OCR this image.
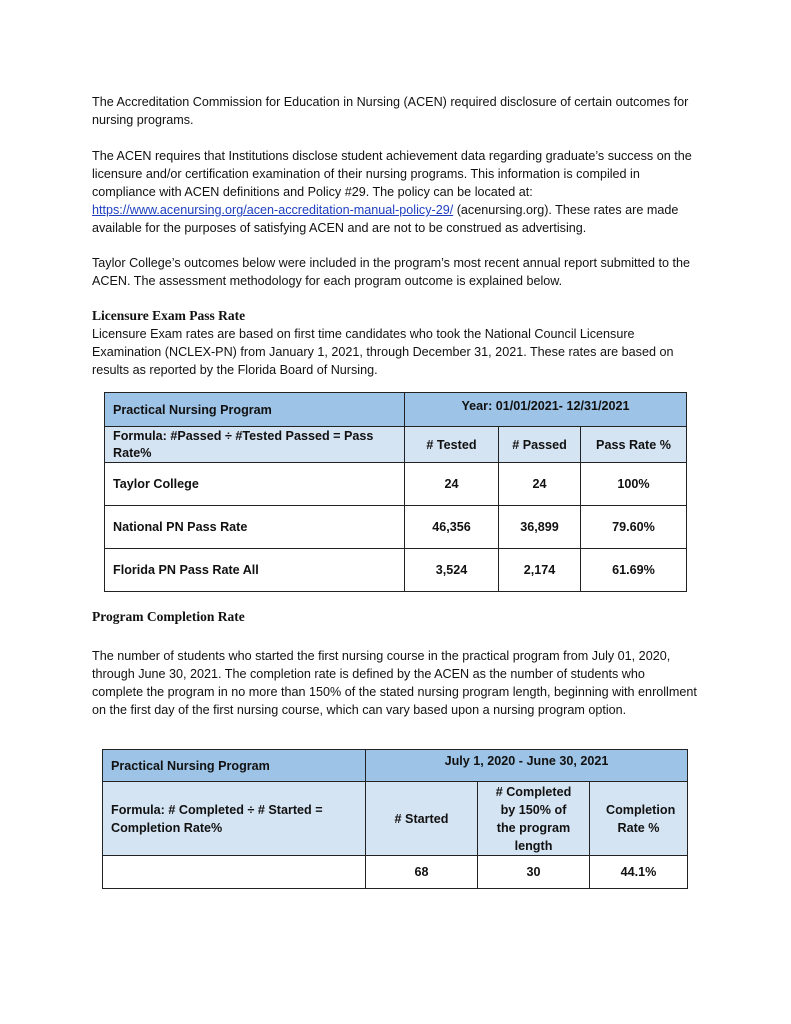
The Accreditation Commission for Education in Nursing (ACEN) required disclosure of certain outcomes for nursing programs.

The ACEN requires that Institutions disclose student achievement data regarding graduate’s success on the licensure and/or certification examination of their nursing programs. This information is compiled in compliance with ACEN definitions and Policy #29. The policy can be located at: https://www.acenursing.org/acen-accreditation-manual-policy-29/ (acenursing.org). These rates are made available for the purposes of satisfying ACEN and are not to be construed as advertising.

Taylor College’s outcomes below were included in the program’s most recent annual report submitted to the ACEN. The assessment methodology for each program outcome is explained below.

Licensure Exam Pass Rate

Licensure Exam rates are based on first time candidates who took the National Council Licensure Examination (NCLEX-PN) from January 1, 2021, through December 31, 2021. These rates are based on results as reported by the Florida Board of Nursing.

Practical Nursing Program	Year: 01/01/2021- 12/31/2021		
Formula: #Passed ÷ #Tested Passed = Pass Rate%	# Tested	# Passed	Pass Rate %
Taylor College	24	24	100%
National PN Pass Rate	46,356	36,899	79.60%
Florida PN Pass Rate All	3,524	2,174	61.69%
Program Completion Rate

The number of students who started the first nursing course in the practical program from July 01, 2020, through June 30, 2021. The completion rate is defined by the ACEN as the number of students who complete the program in no more than 150% of the stated nursing program length, beginning with enrollment on the first day of the first nursing course, which can vary based upon a nursing program option.

Practical Nursing Program	July 1, 2020 - June 30, 2021		
Formula: # Completed ÷ # Started = Completion Rate%	# Started	# Completed by 150% of the program length	Completion Rate %
	68	30	44.1%
